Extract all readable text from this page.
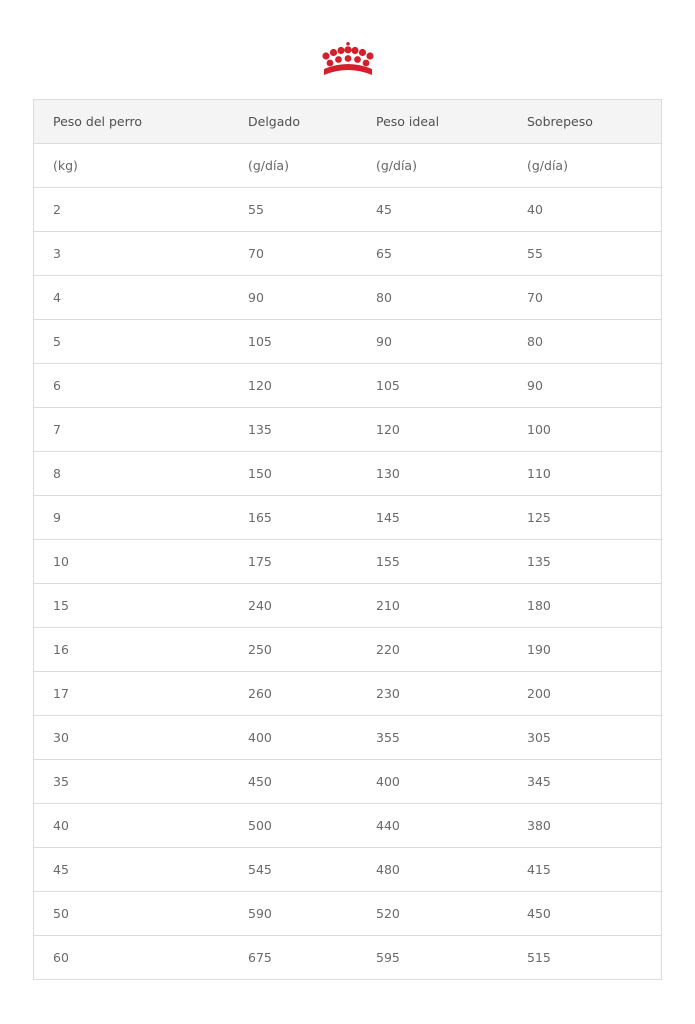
Peso del perro	Delgado	Peso ideal	Sobrepeso
(kg)	(g/día)	(g/día)	(g/día)
2	55	45	40
3	70	65	55
4	90	80	70
5	105	90	80
6	120	105	90
7	135	120	100
8	150	130	110
9	165	145	125
10	175	155	135
15	240	210	180
16	250	220	190
17	260	230	200
30	400	355	305
35	450	400	345
40	500	440	380
45	545	480	415
50	590	520	450
60	675	595	515
